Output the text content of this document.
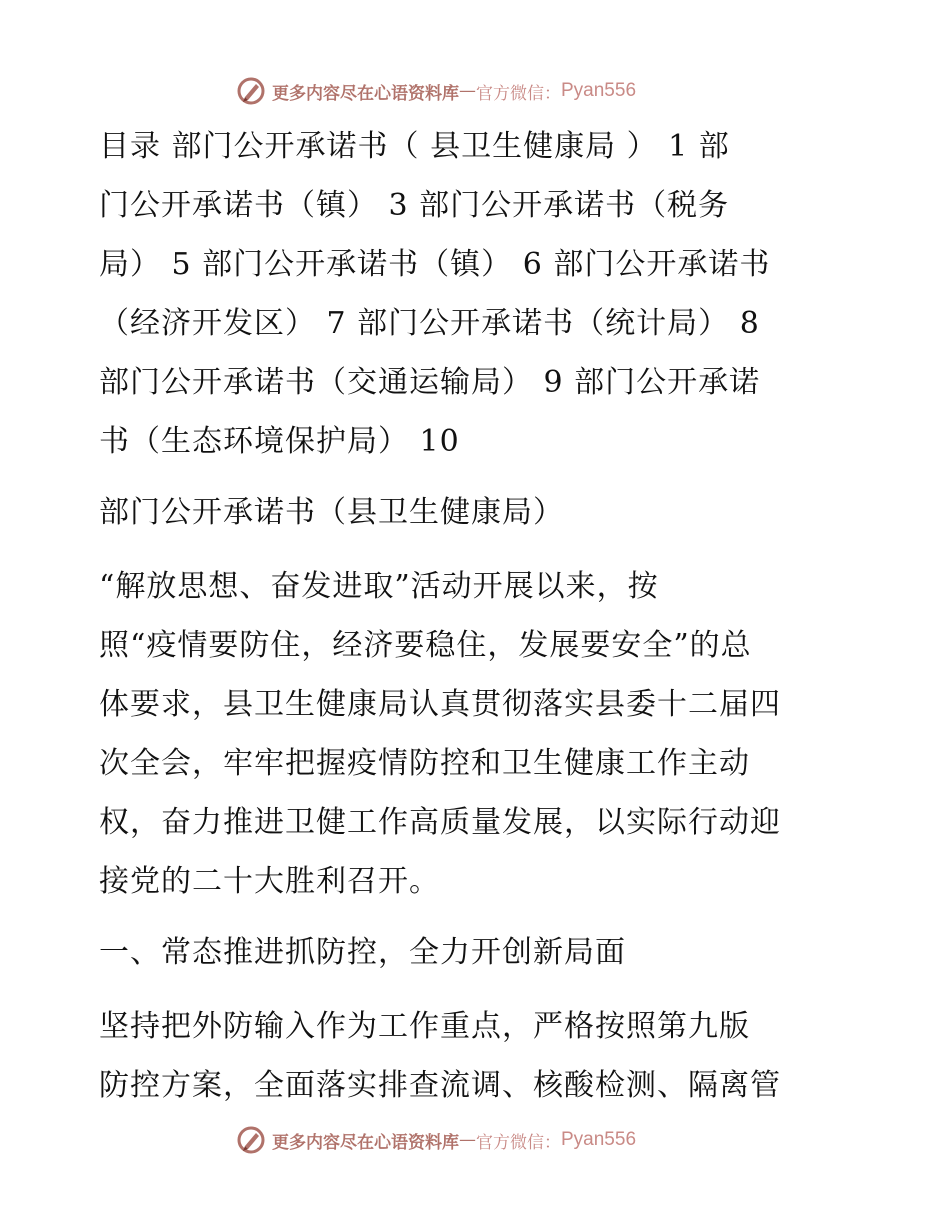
更多内容尽在心语资料库 — 官方微信： Pyan556
目录 部门公开承诺书（ 县卫生健康局 ） 1 部
门公开承诺书（镇） 3 部门公开承诺书（税务
局） 5 部门公开承诺书（镇） 6 部门公开承诺书
（经济开发区） 7 部门公开承诺书（统计局） 8
部门公开承诺书（交通运输局） 9 部门公开承诺
书（生态环境保护局） 10
部门公开承诺书（县卫生健康局）
“解放思想、奋发进取”活动开展以来，按
照“疫情要防住，经济要稳住，发展要安全”的总
体要求，县卫生健康局认真贯彻落实县委十二届四
次全会，牢牢把握疫情防控和卫生健康工作主动
权，奋力推进卫健工作高质量发展，以实际行动迎
接党的二十大胜利召开。
一、常态推进抓防控，全力开创新局面
坚持把外防输入作为工作重点，严格按照第九版
防控方案，全面落实排查流调、核酸检测、隔离管
更多内容尽在心语资料库 — 官方微信： Pyan556
